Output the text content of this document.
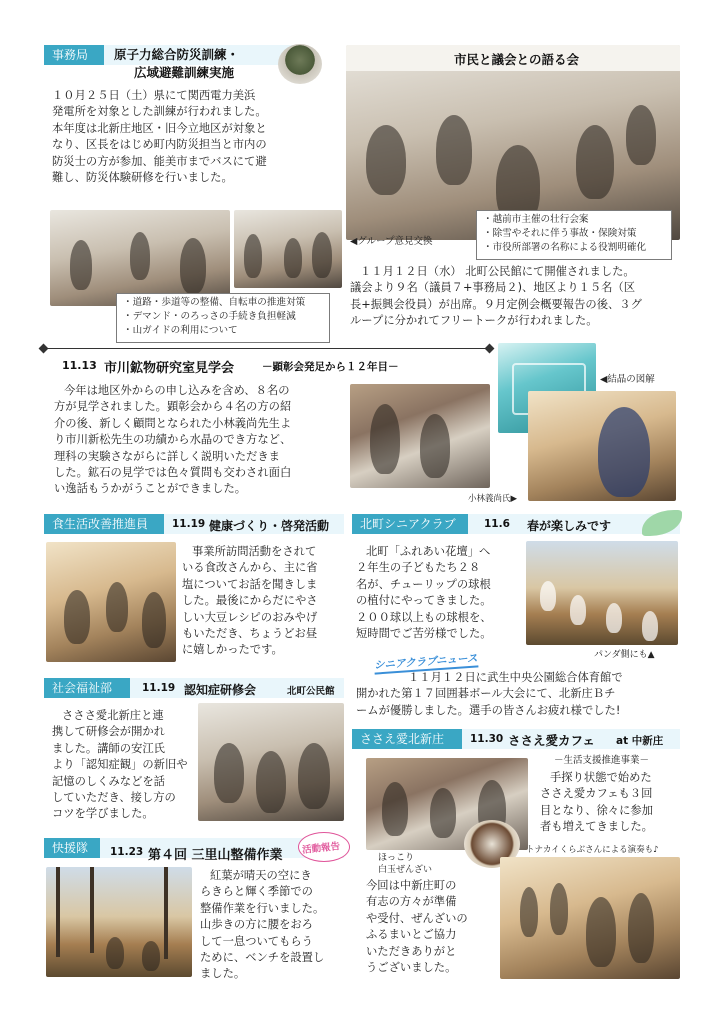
事務局	原子力総合防災訓練・
広域避難訓練実施
１０月２５日（土）県にて関西電力美浜
発電所を対象とした訓練が行われました。
本年度は北新庄地区・旧今立地区が対象と
なり、区長をはじめ町内防災担当と市内の
防災士の方が参加、能美市までバスにて避
難し、防災体験研修を行いました。
・道路・歩道等の整備、自転車の推進対策
・デマンド・のろっさの手続き負担軽減
・山ガイドの利用について
市民と議会との語る会
・越前市主催の壮行会案
・除雪やそれに伴う事故・保険対策
・市役所部署の名称による役割明確化
◀グループ意見交換
１１月１２日（水） 北町公民館にて開催されました。
議会より９名（議員７+事務局２)、地区より１５名（区
長+振興会役員）が出席。９月定例会概要報告の後、３グ
ループに分かれてフリートークが行われました。
11.13 市川鉱物研究室見学会	－顕彰会発足から１２年目－
今年は地区外からの申し込みを含め、８名の
方が見学されました。顕彰会から４名の方の紹
介の後、新しく顧問となられた小林義尚先生よ
り市川新松先生の功績から水晶のでき方など、
理科の実験さながらに詳しく説明いただきま
した。鉱石の見学では色々質問も交わされ面白
い逸話もうかがうことができました。
小林義尚氏▶
◀結晶の図解
食生活改善推進員	11.19 健康づくり・啓発活動
事業所訪問活動をされて
いる食改さんから、主に省
塩についてお話を聞きしま
した。最後にからだにやさ
しい大豆レシピのおみやげ
もいただき、ちょうどお昼
に嬉しかったです。
北町シニアクラブ	11.6 春が楽しみです
北町「ふれあい花壇」へ
２年生の子どもたち２８
名が、チューリップの球根
の植付にやってきました。
２００球以上もの球根を、
短時間でご苦労様でした。
パンダ側にも▲
シニアクラブニュース
１１月１２日に武生中央公園総合体育館で
開かれた第１７回囲碁ボール大会にて、北新庄Ｂチ
ームが優勝しました。選手の皆さんお疲れ様でした!
社会福祉部	11.19 認知症研修会	北町公民館
さささ愛北新庄と連
携して研修会が開かれ
ました。講師の安江氏
より「認知症観」の新旧や
記憶のしくみなどを話
していただき、接し方の
コツを学びました。
ささえ愛北新庄	11.30 ささえ愛カフェ at 中新庄
－生活支援推進事業－
ほっこり
白玉ぜんざい
手探り状態で始めた
ささえ愛カフェも３回
目となり、徐々に参加
者も増えてきました。
トナカイくらぶさんによる演奏も♪
今回は中新庄町の
有志の方々が準備
や受付、ぜんざいの
ふるまいとご協力
いただきありがと
うございました。
快援隊	11.23 第４回 三里山整備作業 活動報告
紅葉が晴天の空にき
らきらと輝く季節での
整備作業を行いました。
山歩きの方に腰をおろ
して一息ついてもらう
ために、ベンチを設置し
ました。
